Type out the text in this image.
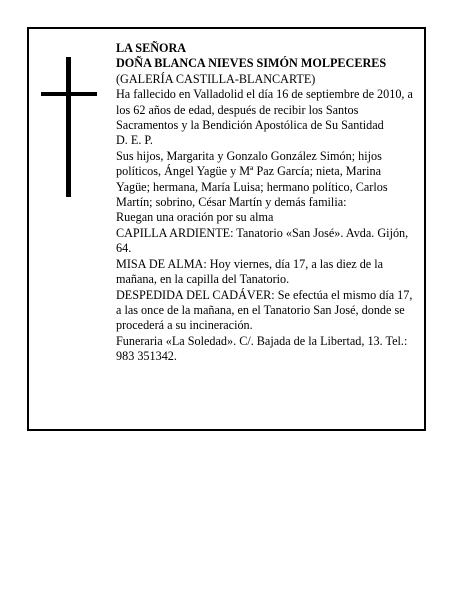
LA SEÑORA

DOÑA BLANCA NIEVES SIMÓN MOLPECERES

(GALERÍA CASTILLA-BLANCARTE)

Ha fallecido en Valladolid el día 16 de septiembre de 2010, a los 62 años de edad, después de recibir los Santos Sacramentos y la Bendición Apostólica de Su Santidad

D. E. P.

Sus hijos, Margarita y Gonzalo González Simón; hijos políticos, Ángel Yagüe y Mª Paz García; nieta, Marina Yagüe; hermana, María Luisa; hermano político, Carlos Martín; sobrino, César Martín y demás familia:

Ruegan una oración por su alma

CAPILLA ARDIENTE: Tanatorio «San José». Avda. Gijón, 64.

MISA DE ALMA: Hoy viernes, día 17, a las diez de la mañana, en la capilla del Tanatorio.

DESPEDIDA DEL CADÁVER: Se efectúa el mismo día 17, a las once de la mañana, en el Tanatorio San José, donde se procederá a su incineración.

Funeraria «La Soledad». C/. Bajada de la Libertad, 13. Tel.: 983 351342.
